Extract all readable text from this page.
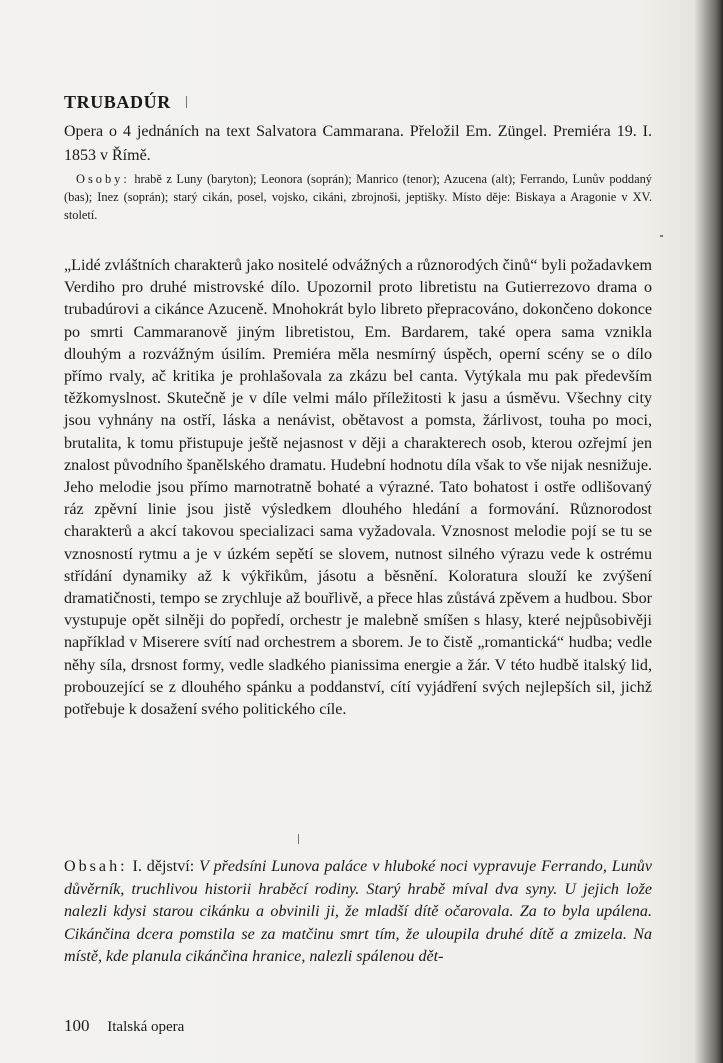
TRUBADÚR
Opera o 4 jednáních na text Salvatora Cammarana. Přeložil Em. Züngel. Premiéra 19. I. 1853 v Římě.
Osoby: hrabě z Luny (baryton); Leonora (soprán); Manrico (tenor); Azucena (alt); Ferrando, Lunův poddaný (bas); Inez (soprán); starý cikán, posel, vojsko, cikáni, zbrojnoši, jeptišky. Místo děje: Biskaya a Aragonie v XV. století.

„Lidé zvláštních charakterů jako nositelé odvážných a různorodých činů“ byli požadavkem Verdiho pro druhé mistrovské dílo. Upozornil proto libretistu na Gutierrezovo drama o trubadúrovi a cikánce Azuceně. Mnohokrát bylo libreto přepracováno, dokončeno dokonce po smrti Cammaranově jiným libretistou, Em. Bardarem, také opera sama vznikla dlouhým a rozvážným úsilím. Premiéra měla nesmírný úspěch, operní scény se o dílo přímo rvaly, ač kritika je prohlašovala za zkázu bel canta. Vytýkala mu pak především těžkomyslnost. Skutečně je v díle velmi málo příležitosti k jasu a úsměvu. Všechny city jsou vyhnány na ostří, láska a nenávist, obětavost a pomsta, žárlivost, touha po moci, brutalita, k tomu přistupuje ještě nejasnost v ději a charakterech osob, kterou ozřejmí jen znalost původního španělského dramatu. Hudební hodnotu díla však to vše nijak nesnižuje. Jeho melodie jsou přímo marnotratně bohaté a výrazné. Tato bohatost i ostře odlišovaný ráz zpěvní linie jsou jistě výsledkem dlouhého hledání a formování. Různorodost charakterů a akcí takovou specializaci sama vyžadovala. Vznosnost melodie pojí se tu se vznosností rytmu a je v úzkém sepětí se slovem, nutnost silného výrazu vede k ostrému střídání dynamiky až k výkřikům, jásotu a běsnění. Koloratura slouží ke zvýšení dramatičnosti, tempo se zrychluje až bouřlivě, a přece hlas zůstává zpěvem a hudbou. Sbor vystupuje opět silněji do popředí, orchestr je malebně smíšen s hlasy, které nejpůsobivěji například v Miserere svítí nad orchestrem a sborem. Je to čistě „romantická“ hudba; vedle něhy síla, drsnost formy, vedle sladkého pianissima energie a žár. V této hudbě italský lid, probouzející se z dlouhého spánku a poddanství, cítí vyjádření svých nejlepších sil, jichž potřebuje k dosažení svého politického cíle.

Obsah: I. dějství: V předsíni Lunova paláce v hluboké noci vypravuje Ferrando, Lunův důvěrník, truchlivou historii hraběcí rodiny. Starý hrabě míval dva syny. U jejich lože nalezli kdysi starou cikánku a obvinili ji, že mladší dítě očarovala. Za to byla upálena. Cikánčina dcera pomstila se za matčinu smrt tím, že uloupila druhé dítě a zmizela. Na místě, kde planula cikánčina hranice, nalezli spálenou dět-
100 Italská opera
